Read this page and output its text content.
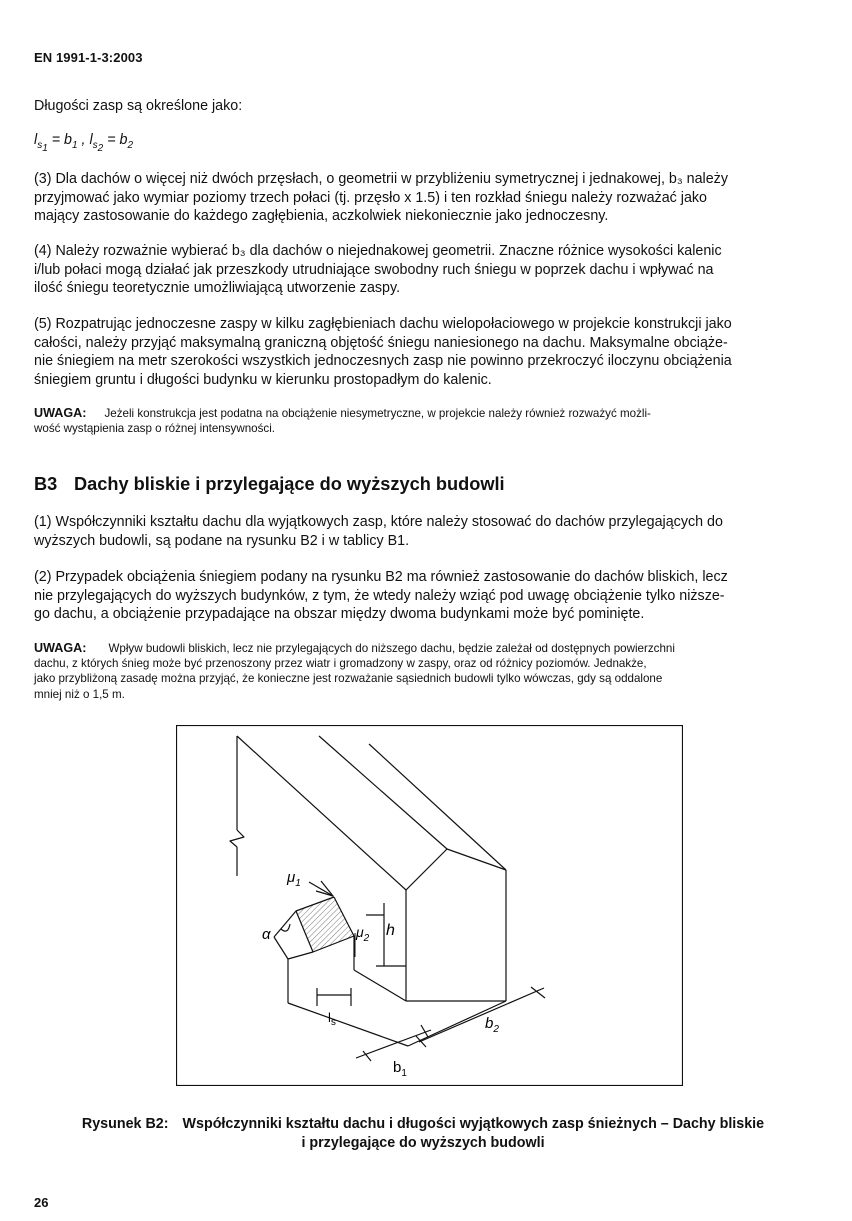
EN 1991-1-3:2003
Długości zasp są określone jako:
$l_{s_1} = b_1$ , $l_{s_2} = b_2$
(3) Dla dachów o więcej niż dwóch przęsłach, o geometrii w przybliżeniu symetrycznej i jednakowej, b₃ należy
przyjmować jako wymiar poziomy trzech połaci (tj. przęsło x 1.5) i ten rozkład śniegu należy rozważać jako
mający zastosowanie do każdego zagłębienia, aczkolwiek niekoniecznie jako jednoczesny.
(4) Należy rozważnie wybierać b₃ dla dachów o niejednakowej geometrii. Znaczne różnice wysokości kalenic
i/lub połaci mogą działać jak przeszkody utrudniające swobodny ruch śniegu w poprzek dachu i wpływać na
ilość śniegu teoretycznie umożliwiającą utworzenie zaspy.
(5) Rozpatrując jednoczesne zaspy w kilku zagłębieniach dachu wielopołaciowego w projekcie konstrukcji jako
całości, należy przyjąć maksymalną graniczną objętość śniegu naniesionego na dachu. Maksymalne obciąże-
nie śniegiem na metr szerokości wszystkich jednoczesnych zasp nie powinno przekroczyć iloczynu obciążenia
śniegiem gruntu i długości budynku w kierunku prostopadłym do kalenic.
UWAGA: Jeżeli konstrukcja jest podatna na obciążenie niesymetryczne, w projekcie należy również rozważyć możli-
wość wystąpienia zasp o różnej intensywności.
B3 Dachy bliskie i przylegające do wyższych budowli
(1) Współczynniki kształtu dachu dla wyjątkowych zasp, które należy stosować do dachów przylegających do
wyższych budowli, są podane na rysunku B2 i w tablicy B1.
(2) Przypadek obciążenia śniegiem podany na rysunku B2 ma również zastosowanie do dachów bliskich, lecz
nie przylegających do wyższych budynków, z tym, że wtedy należy wziąć pod uwagę obciążenie tylko niższe-
go dachu, a obciążenie przypadające na obszar między dwoma budynkami może być pominięte.
UWAGA: Wpływ budowli bliskich, lecz nie przylegających do niższego dachu, będzie zależał od dostępnych powierzchni
dachu, z których śnieg może być przenoszony przez wiatr i gromadzony w zaspy, oraz od różnicy poziomów. Jednakże,
jako przybliżoną zasadę można przyjąć, że konieczne jest rozważanie sąsiednich budowli tylko wówczas, gdy są oddalone
mniej niż o 1,5 m.
$\mu_1$
$\mu_2$
α	h
$l_s$	$b_2$
$b_1$
Rysunek B2: Współczynniki kształtu dachu i długości wyjątkowych zasp śnieżnych – Dachy bliskie
i przylegające do wyższych budowli
26
